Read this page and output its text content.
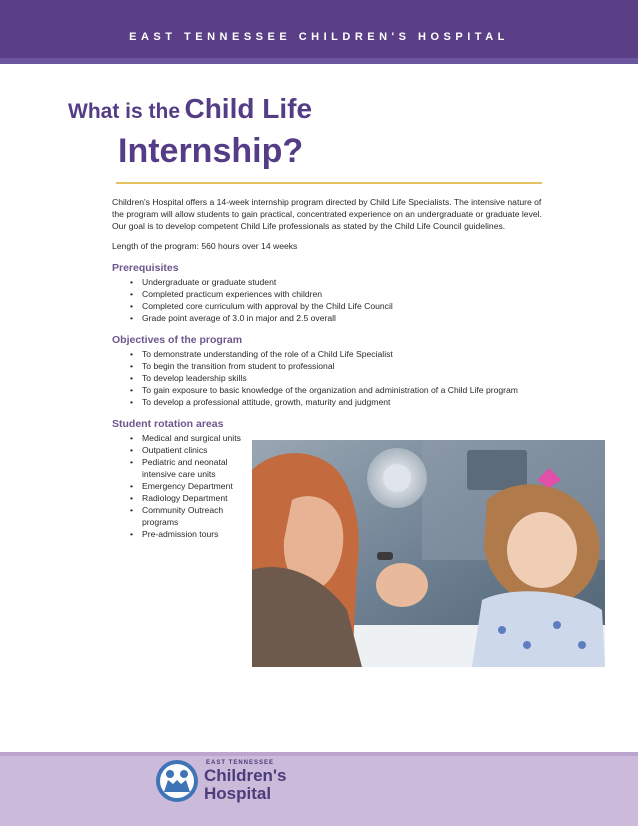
EAST TENNESSEE CHILDREN'S HOSPITAL
What is the Child Life
Internship?

Children's Hospital offers a 14-week internship program directed by Child Life Specialists. The intensive nature of the program will allow students to gain practical, concentrated experience on an undergraduate or graduate level. Our goal is to develop competent Child Life professionals as stated by the Child Life Council guidelines.

Length of the program: 560 hours over 14 weeks

Prerequisites
• Undergraduate or graduate student
• Completed practicum experiences with children
• Completed core curriculum with approval by the Child Life Council
• Grade point average of 3.0 in major and 2.5 overall
Objectives of the program
• To demonstrate understanding of the role of a Child Life Specialist
• To begin the transition from student to professional
• To develop leadership skills
• To gain exposure to basic knowledge of the organization and administration of a Child Life program
• To develop a professional attitude, growth, maturity and judgment
Student rotation areas
• Medical and surgical units
• Outpatient clinics
• Pediatric and neonatal intensive care units
• Emergency Department
• Radiology Department
• Community Outreach programs
• Pre-admission tours
EAST TENNESSEE
Children's
Hospital
